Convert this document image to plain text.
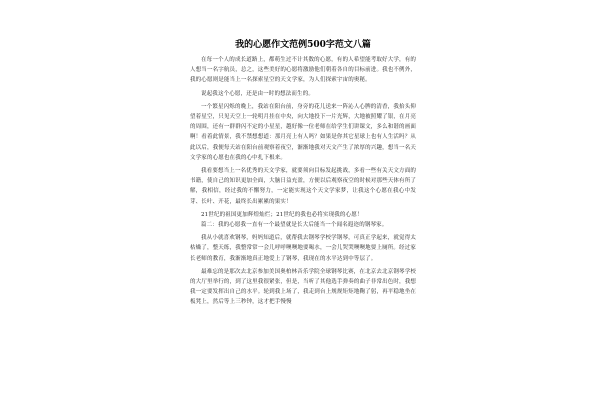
我的心愿作文范例500字范文八篇

在每一个人的成长道路上，都萌生过不计其数的心愿，有的人希望能考取好大学，有的人想当一名字航员，总之，这些美好的心愿将激励他们朝着各自的目标前进。我也不例外，我的心愿则是能当上一名探索星空的天文学家，为人们探索宇宙的奥秘。

说起我这个心愿，还是由一时的想法而生的。

一个繁星闪烁的晚上，我站在阳台前，身旁的花儿送来一阵沁人心脾的清香，我抬头仰望着星空，只见天空上一轮明月挂在中央，向大地投下一片光辉，大地被照耀了银，在月亮的周围，还有一群群闪不定的小星星，越好像一位老师在给学生们讲课文，多么和谐的画面啊！看着此情景，我不禁想想道：那月亮上有人吗？如果是你其它星球上也有人生活吗？从此以后，我便每天站在阳台前观察着夜空，渐渐地我对天文产生了浓厚的兴趣，想当一名天文学家的心愿也在我的心中扎下根来。

我看要想当上一名优秀的天文学家，就要须向目标发起挑战，多看一些有关天文方面的书籍，使自己的知识更加全面，大脑日益充盈，方便以后观察夜空的时候对那些天体有所了解，我相信，经过我的不懈努力，一定能实现这个天文学家梦，让我这个心愿在我心中发芽、长叶、开花，最终长出累累的果实！

21世纪的祖国更加辉煌灿烂；21世纪的我也必将实现我的心愿！

篇二：我的心愿我一直有一个最望就是长大后能当一个闻名遐迩的钢琴家。

我从小就喜欢钢琴，妈妈知道后，就帮我去钢琴学校学钢琴，可真正学起来，就觉得太枯燥了，整天练，我整常常一会儿呼呼噢噢地要喝水，一会儿哭哭噢噢地要上厕所。经过家长老师的教育，我渐渐地真正地爱上了钢琴，我现在的水平达到中等层了。

最难忘的是那次去北京参加美国奥柏林音乐学院全球钢琴比赛，在北京去北京钢琴学校的大厅里举行的，到了这里我很紧张，但是，当听了其他选手弹奏的曲子非常出色时，我想我一定要发挥出自己的水平。轮到我上场了，我走到台上规规矩矩地鞠了躬，再平稳地坐在板凳上，然后等上三秒钟，这才把手慢慢
